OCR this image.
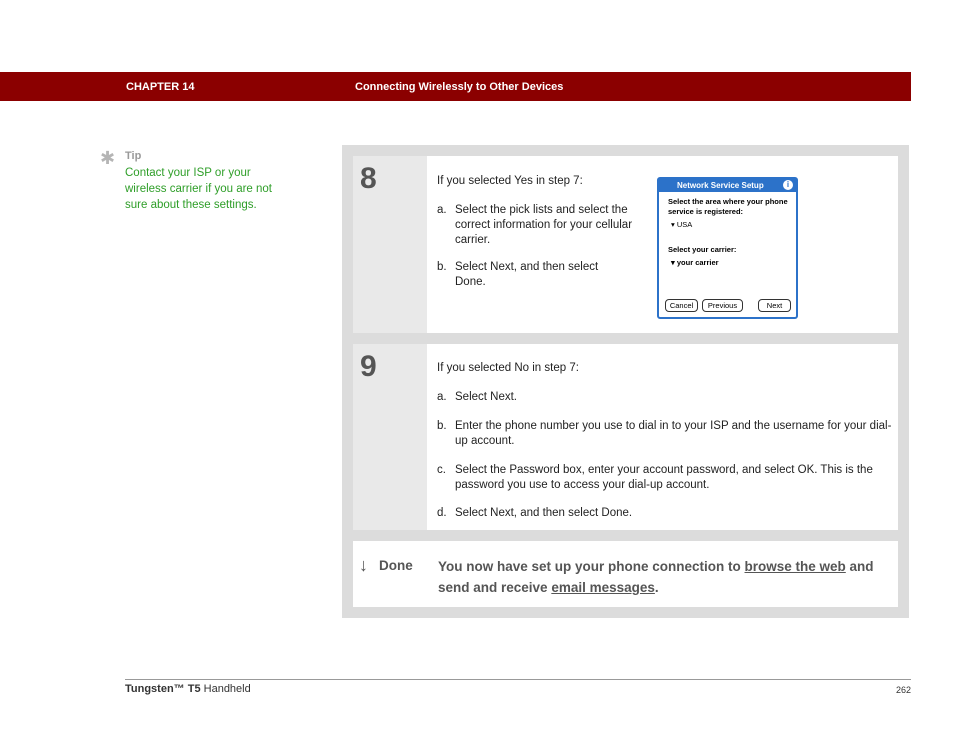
CHAPTER 14	Connecting Wirelessly to Other Devices
✱ Tip
Contact your ISP or your wireless carrier if you are not sure about these settings.
8	If you selected Yes in step 7:
a. Select the pick lists and select the correct information for your cellular carrier.
b. Select Next, and then select Done.
Network Service Setup	i
Select the area where your phone service is registered:
▾ USA
Select your carrier:
▾ your carrier
Cancel	Previous	Next
9	If you selected No in step 7:
a. Select Next.
b. Enter the phone number you use to dial in to your ISP and the username for your dial-up account.
c. Select the Password box, enter your account password, and select OK. This is the password you use to access your dial-up account.
d. Select Next, and then select Done.
↓ Done You now have set up your phone connection to browse the web and send and receive email messages.
Tungsten™ T5 Handheld	262
